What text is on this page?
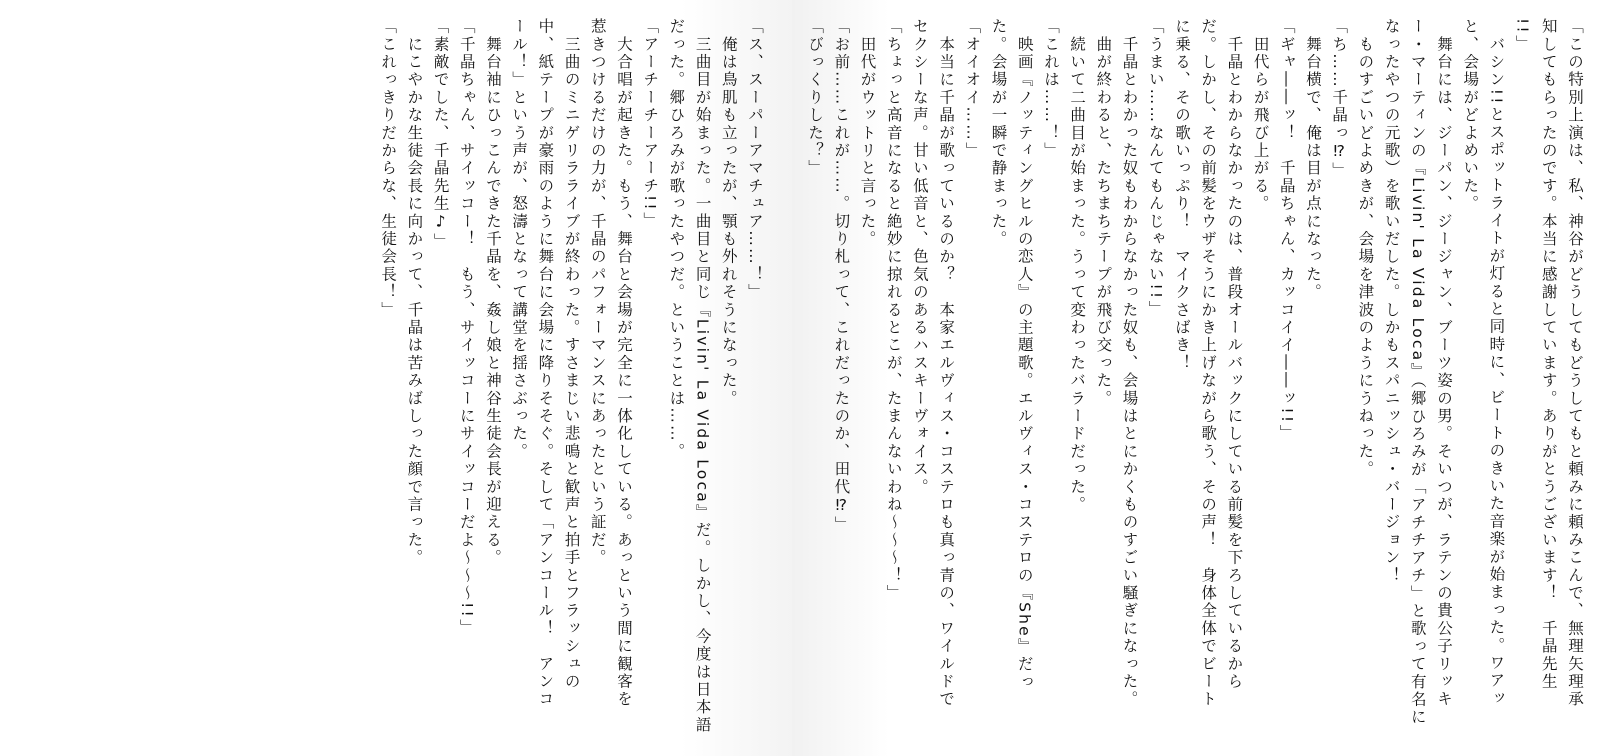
「この特別上演は、私、神谷がどうしてもどうしてもと頼みに頼みこんで、無理矢理承
知してもらったのです。本当に感謝しています。ありがとうございます！　千晶先生
!!」
　バシン!!とスポットライトが灯ると同時に、ビートのきいた音楽が始まった。ワアッ
と、会場がどよめいた。
　舞台には、ジーパン、ジージャン、ブーツ姿の男。そいつが、ラテンの貴公子リッキ
ー・マーティンの『Livin' La Vida Loca』（郷ひろみが「アチチアチ」と歌って有名に
なったやつの元歌）を歌いだした。しかもスパニッシュ・バージョン！
　ものすごいどよめきが、会場を津波のようにうねった。
「ち……千晶っ⁉」
　舞台横で、俺は目が点になった。
「ギャ――ッ！　千晶ちゃん、カッコイイ――ッ!!」
　田代らが飛び上がる。
　千晶とわからなかったのは、普段オールバックにしている前髪を下ろしているから
だ。しかし、その前髪をウザそうにかき上げながら歌う、その声！　身体全体でビート
に乗る、その歌いっぷり！　マイクさばき！
「うまい……なんてもんじゃない!!」
　千晶とわかった奴もわからなかった奴も、会場はとにかくものすごい騒ぎになった。
　曲が終わると、たちまちテープが飛び交った。
　続いて二曲目が始まった。うって変わったバラードだった。
「これは……！」
　映画『ノッティングヒルの恋人』の主題歌。エルヴィス・コステロの『She』だっ
た。会場が一瞬で静まった。
「オイオイ……」
　本当に千晶が歌っているのか？　本家エルヴィス・コステロも真っ青の、ワイルドで
セクシーな声。甘い低音と、色気のあるハスキーヴォイス。
「ちょっと高音になると絶妙に掠れるとこが、たまんないわね～～～！」
　田代がウットリと言った。
「お前……これが……。切り札って、これだったのか、田代⁉」
「びっくりした？」
「ス、スーパーアマチュア……！」
　俺は鳥肌も立ったが、顎も外れそうになった。
　三曲目が始まった。一曲目と同じ『Livin' La Vida Loca』だ。しかし、今度は日本語
だった。郷ひろみが歌ったやつだ。ということは……。
「アーチーチーアーチ!!」
　大合唱が起きた。もう、舞台と会場が完全に一体化している。あっという間に観客を
惹きつけるだけの力が、千晶のパフォーマンスにあったという証だ。
　三曲のミニゲリラライブが終わった。すさまじい悲鳴と歓声と拍手とフラッシュの
中、紙テープが豪雨のように舞台に会場に降りそそぐ。そして「アンコール！　アンコ
ール！」という声が、怒濤となって講堂を揺さぶった。
　舞台袖にひっこんできた千晶を、姦し娘と神谷生徒会長が迎える。
「千晶ちゃん、サイッコー！　もう、サイッコーにサイッコーだよ～～～!!」
「素敵でした、千晶先生♪」
　にこやかな生徒会長に向かって、千晶は苦みばしった顔で言った。
「これっきりだからな、生徒会長！」
